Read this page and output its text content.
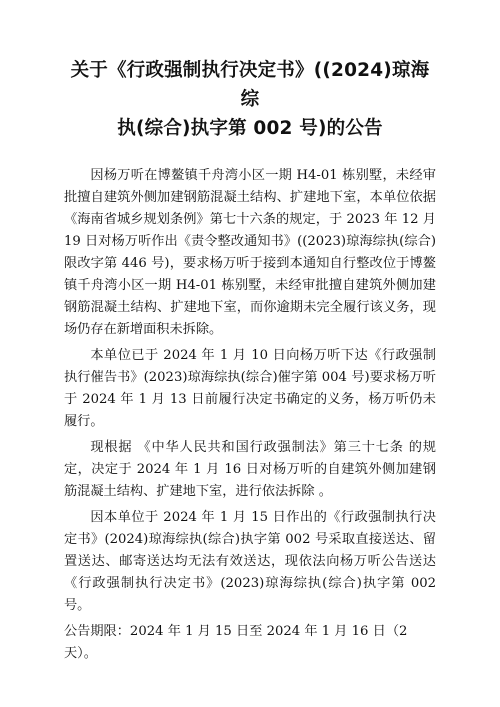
关于《行政强制执行决定书》((2024)琼海综
执(综合)执字第 002 号)的公告

因杨万听在博鳌镇千舟湾小区一期 H4-01 栋别墅，未经审批擅自建筑外侧加建钢筋混凝土结构、扩建地下室，本单位依据《海南省城乡规划条例》第七十六条的规定，于 2023 年 12 月 19 日对杨万听作出《责令整改通知书》((2023)琼海综执(综合)限改字第 446 号)，要求杨万听于接到本通知自行整改位于博鳌镇千舟湾小区一期 H4-01 栋别墅，未经审批擅自建筑外侧加建钢筋混凝土结构、扩建地下室，而你逾期未完全履行该义务，现场仍存在新增面积未拆除。

本单位已于 2024 年 1 月 10 日向杨万听下达《行政强制执行催告书》(2023)琼海综执(综合)催字第 004 号)要求杨万听于 2024 年 1 月 13 日前履行决定书确定的义务，杨万听仍未履行。

现根据 《中华人民共和国行政强制法》第三十七条 的规定，决定于 2024 年 1 月 16 日对杨万听的自建筑外侧加建钢筋混凝土结构、扩建地下室，进行依法拆除 。

因本单位于 2024 年 1 月 15 日作出的《行政强制执行决定书》(2024)琼海综执(综合)执字第 002 号采取直接送达、留置送达、邮寄送达均无法有效送达，现依法向杨万听公告送达《行政强制执行决定书》(2023)琼海综执(综合)执字第 002 号。

公告期限：2024 年 1 月 15 日至 2024 年 1 月 16 日（2 天）。
